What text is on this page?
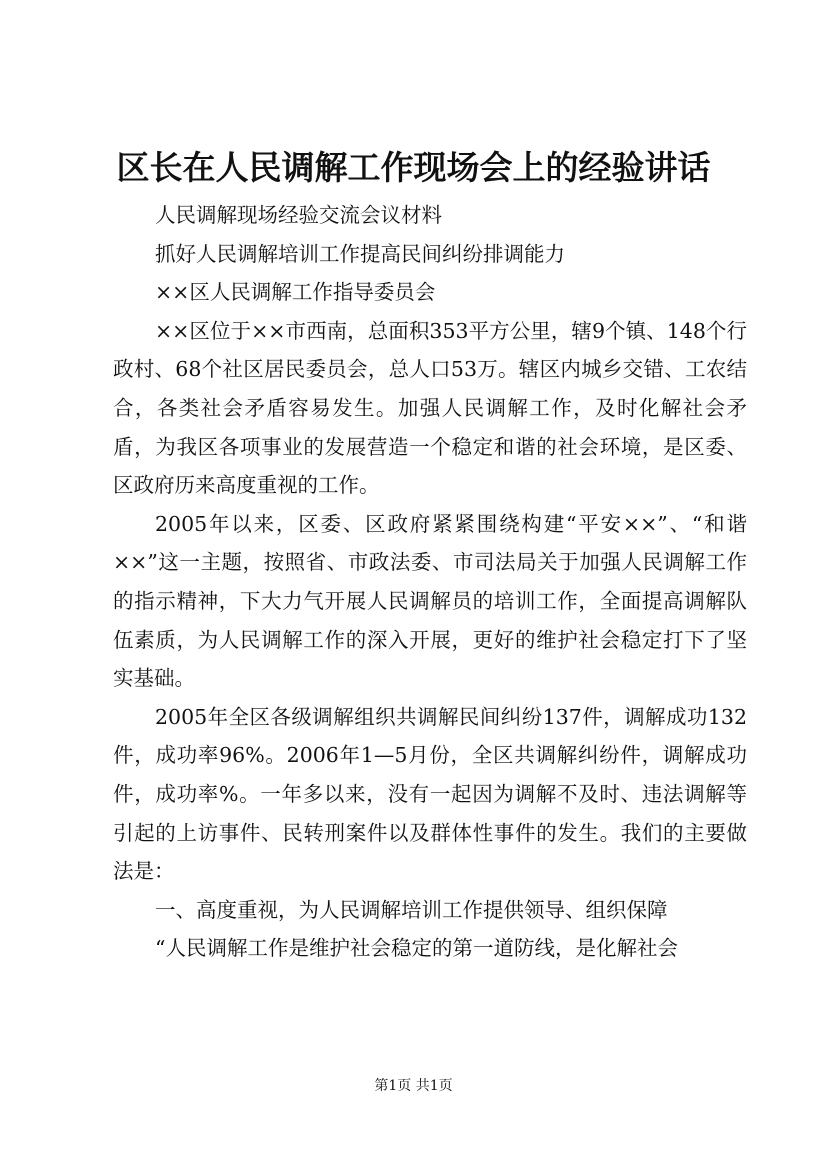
区长在人民调解工作现场会上的经验讲话

人民调解现场经验交流会议材料

抓好人民调解培训工作提高民间纠纷排调能力

××区人民调解工作指导委员会

××区位于××市西南，总面积353平方公里，辖9个镇、148个行政村、68个社区居民委员会，总人口53万。辖区内城乡交错、工农结合，各类社会矛盾容易发生。加强人民调解工作，及时化解社会矛盾，为我区各项事业的发展营造一个稳定和谐的社会环境，是区委、区政府历来高度重视的工作。

2005年以来，区委、区政府紧紧围绕构建“平安××”、“和谐××”这一主题，按照省、市政法委、市司法局关于加强人民调解工作的指示精神，下大力气开展人民调解员的培训工作，全面提高调解队伍素质，为人民调解工作的深入开展，更好的维护社会稳定打下了坚实基础。

2005年全区各级调解组织共调解民间纠纷137件，调解成功132件，成功率96%。2006年1—5月份，全区共调解纠纷件，调解成功件，成功率%。一年多以来，没有一起因为调解不及时、违法调解等引起的上访事件、民转刑案件以及群体性事件的发生。我们的主要做法是：

一、高度重视，为人民调解培训工作提供领导、组织保障

“人民调解工作是维护社会稳定的第一道防线，是化解社会

第1页 共1页
